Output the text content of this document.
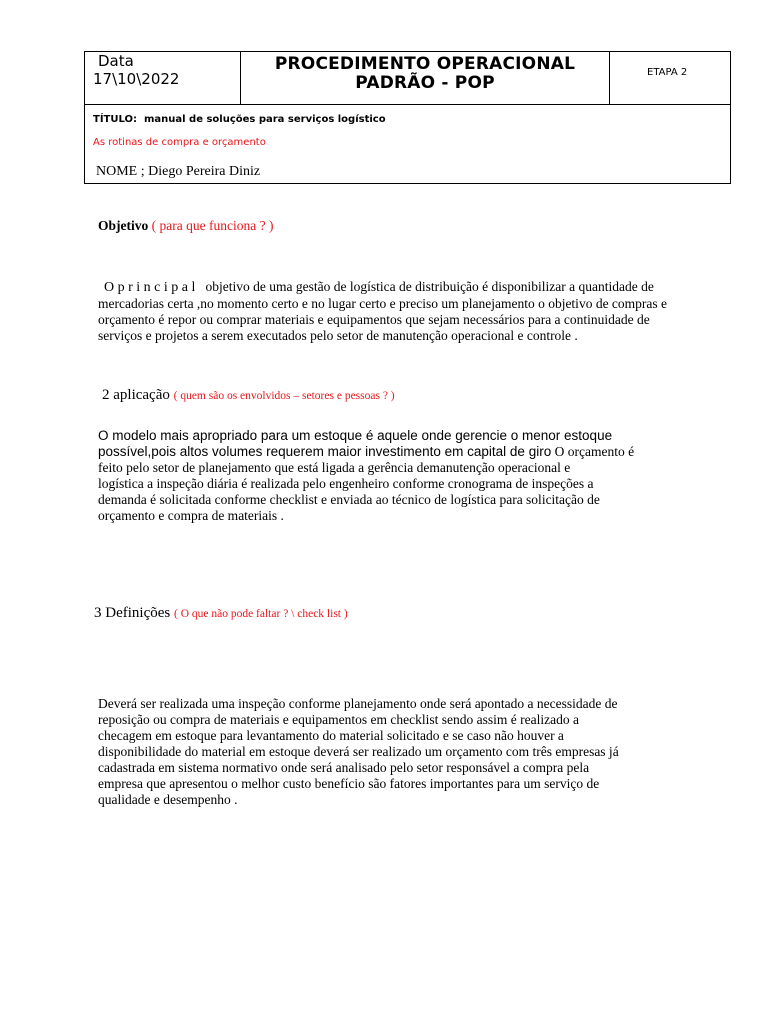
Data
17\10\2022
PROCEDIMENTO OPERACIONAL
PADRÃO - POP
ETAPA 2
TÍTULO: manual de soluções para serviços logístico
As rotinas de compra e orçamento
NOME ; Diego Pereira Diniz
Objetivo ( para que funciona ? )
O p r i n c i p a l objetivo de uma gestão de logística de distribuição é disponibilizar a quantidade de
mercadorias certa ,no momento certo e no lugar certo e preciso um planejamento o objetivo de compras e
orçamento é repor ou comprar materiais e equipamentos que sejam necessários para a continuidade de
serviços e projetos a serem executados pelo setor de manutenção operacional e controle .
2 aplicação ( quem são os envolvidos – setores e pessoas ? )
O modelo mais apropriado para um estoque é aquele onde gerencie o menor estoque
possível,pois altos volumes requerem maior investimento em capital de giro O orçamento é
feito pelo setor de planejamento que está ligada a gerência demanutenção operacional e
logística a inspeção diária é realizada pelo engenheiro conforme cronograma de inspeções a
demanda é solicitada conforme checklist e enviada ao técnico de logística para solicitação de
orçamento e compra de materiais .
3 Definições ( O que não pode faltar ? \ check list )
Deverá ser realizada uma inspeção conforme planejamento onde será apontado a necessidade de
reposição ou compra de materiais e equipamentos em checklist sendo assim é realizado a
checagem em estoque para levantamento do material solicitado e se caso não houver a
disponibilidade do material em estoque deverá ser realizado um orçamento com três empresas já
cadastrada em sistema normativo onde será analisado pelo setor responsável a compra pela
empresa que apresentou o melhor custo benefício são fatores importantes para um serviço de
qualidade e desempenho .
